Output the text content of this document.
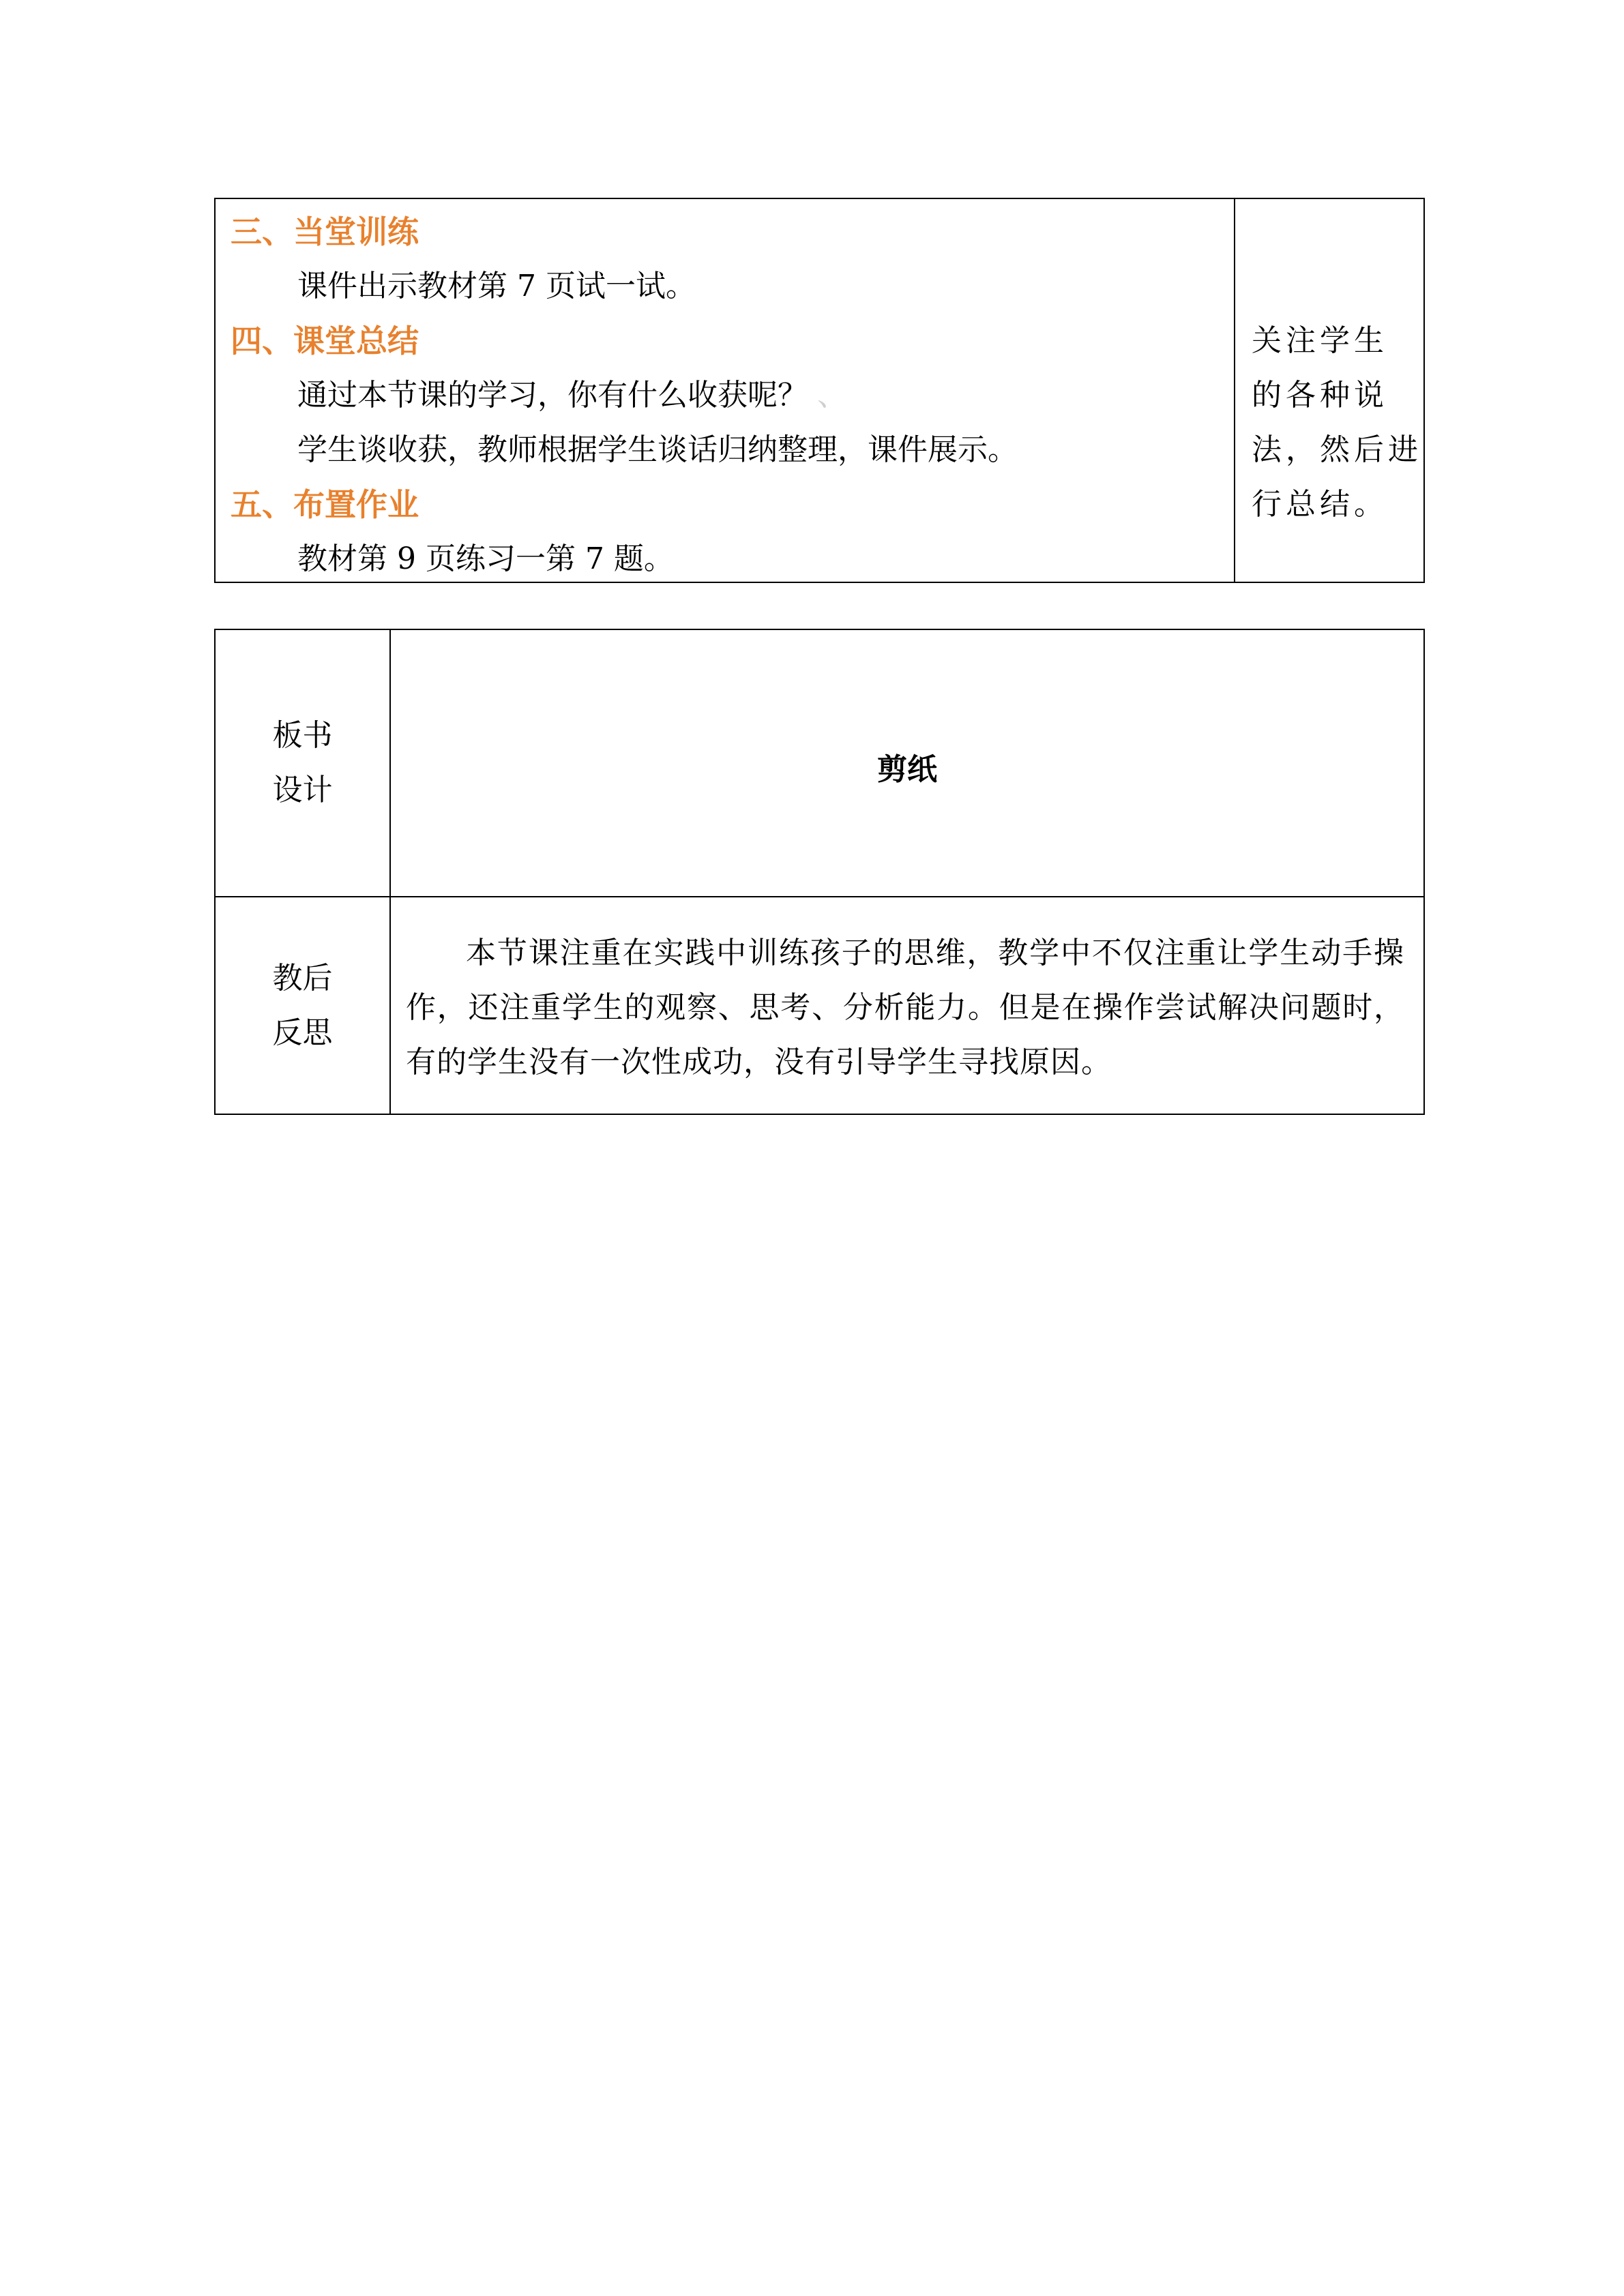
三、当堂训练
课件出示教材第 7 页试一试。
四、课堂总结
通过本节课的学习，你有什么收获呢？ 、
学生谈收获，教师根据学生谈话归纳整理，课件展示。
五、布置作业
教材第 9 页练习一第 7 题。
关注学生
的各种说
法，然后进
行总结。
板书设计
剪纸
教后反思
本节课注重在实践中训练孩子的思维，教学中不仅注重让学生动手操作，还注重学生的观察、思考、分析能力。但是在操作尝试解决问题时，有的学生没有一次性成功，没有引导学生寻找原因。
